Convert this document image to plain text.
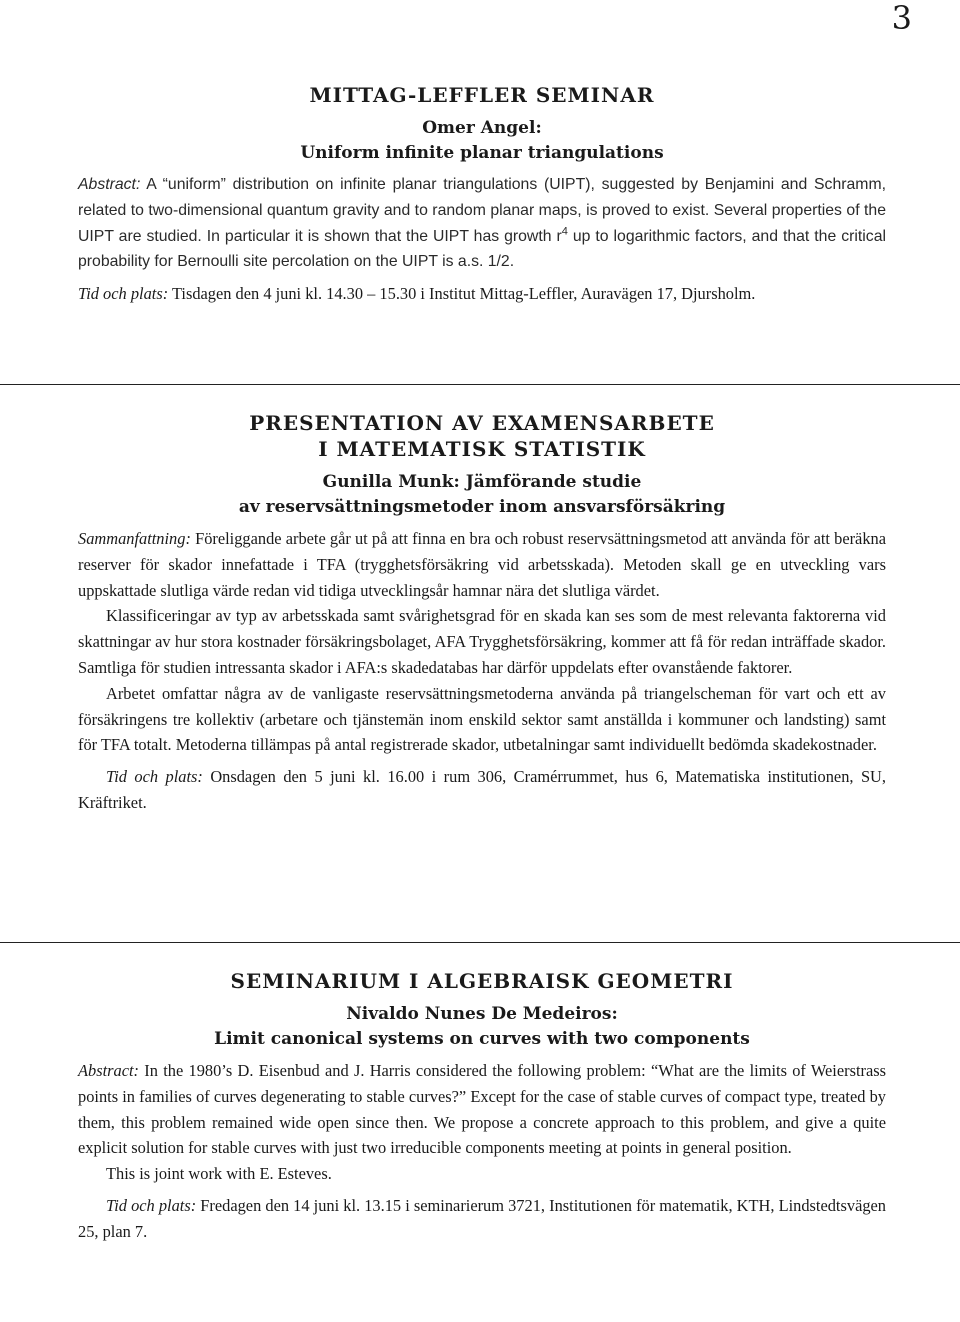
3
MITTAG-LEFFLER SEMINAR
Omer Angel:
Uniform infinite planar triangulations

Abstract: A “uniform” distribution on infinite planar triangulations (UIPT), suggested by Benjamini and Schramm, related to two-dimensional quantum gravity and to random planar maps, is proved to exist. Several properties of the UIPT are studied. In particular it is shown that the UIPT has growth $r^4$ up to logarithmic factors, and that the critical probability for Bernoulli site percolation on the UIPT is a.s. 1/2.

Tid och plats: Tisdagen den 4 juni kl. 14.30 – 15.30 i Institut Mittag-Leffler, Auravägen 17, Djursholm.

PRESENTATION AV EXAMENSARBETE
I MATEMATISK STATISTIK
Gunilla Munk: Jämförande studie
av reservsättningsmetoder inom ansvarsförsäkring

Sammanfattning: Föreliggande arbete går ut på att finna en bra och robust reservsättningsmetod att använda för att beräkna reserver för skador innefattade i TFA (trygghetsförsäkring vid arbetsskada). Metoden skall ge en utveckling vars uppskattade slutliga värde redan vid tidiga utvecklingsår hamnar nära det slutliga värdet.

Klassificeringar av typ av arbetsskada samt svårighetsgrad för en skada kan ses som de mest relevanta faktorerna vid skattningar av hur stora kostnader försäkringsbolaget, AFA Trygghetsförsäkring, kommer att få för redan inträffade skador. Samtliga för studien intressanta skador i AFA:s skadedatabas har därför uppdelats efter ovanstående faktorer.

Arbetet omfattar några av de vanligaste reservsättningsmetoderna använda på triangelscheman för vart och ett av försäkringens tre kollektiv (arbetare och tjänstemän inom enskild sektor samt anställda i kommuner och landsting) samt för TFA totalt. Metoderna tillämpas på antal registrerade skador, utbetalningar samt individuellt bedömda skadekostnader.

Tid och plats: Onsdagen den 5 juni kl. 16.00 i rum 306, Cramérrummet, hus 6, Matematiska institutionen, SU, Kräftriket.

SEMINARIUM I ALGEBRAISK GEOMETRI
Nivaldo Nunes De Medeiros:
Limit canonical systems on curves with two components

Abstract: In the 1980’s D. Eisenbud and J. Harris considered the following problem: “What are the limits of Weierstrass points in families of curves degenerating to stable curves?” Except for the case of stable curves of compact type, treated by them, this problem remained wide open since then. We propose a concrete approach to this problem, and give a quite explicit solution for stable curves with just two irreducible components meeting at points in general position.

This is joint work with E. Esteves.

Tid och plats: Fredagen den 14 juni kl. 13.15 i seminarierum 3721, Institutionen för matematik, KTH, Lindstedtsvägen 25, plan 7.
